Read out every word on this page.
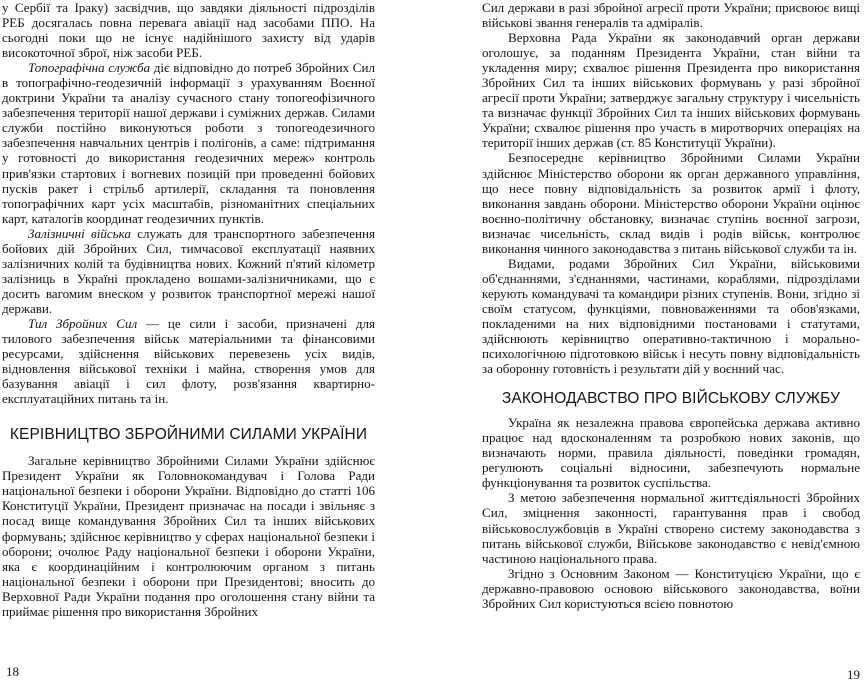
у Сербії та Іраку) засвідчив, що завдяки діяльності підрозділів РЕБ досягалась повна перевага авіації над засобами ППО. На сьогодні поки що не існує надійнішого захисту від ударів високоточної зброї, ніж засоби РЕБ.

Топографічна служба діє відповідно до потреб Збройних Сил в топографічно-геодезичній інформації з урахуванням Воєнної доктрини України та аналізу сучасного стану топогеофізичного забезпечення території нашої держави і суміжних держав. Силами служби постійно виконуються роботи з топогеодезичного забезпечення навчальних центрів і полігонів, а саме: підтримання у готовності до використання геодезичних мереж» контроль прив'язки стартових і вогневих позицій при проведенні бойових пусків ракет і стрільб артилерії, складання та поновлення топографічних карт усіх масштабів, різноманітних спеціальних карт, каталогів координат геодезичних пунктів.

Залізничні війська служать для транспортного забезпечення бойових дій Збройних Сил, тимчасової експлуатації наявних залізничних колій та будівництва нових. Кожний п'ятий кілометр залізниць в Україні прокладено вошами-залізничниками, що є досить вагомим внеском у розвиток транспортної мережі нашої держави.

Тил Збройних Сил — це сили і засоби, призначені для тилового забезпечення військ матеріальними та фінансовими ресурсами, здійснення військових перевезень усіх видів, відновлення військової техніки і майна, створення умов для базування авіації і сил флоту, розв'язання квартирно-експлуатаційних питань та ін.

КЕРІВНИЦТВО ЗБРОЙНИМИ СИЛАМИ УКРАЇНИ

Загальне керівництво Збройними Силами України здійснює Президент України як Головнокомандувач і Голова Ради національної безпеки і оборони України. Відповідно до статті 106 Конституції України, Президент призначає на посади і звільняє з посад вище командування Збройних Сил та інших військових формувань; здійснює керівництво у сферах національної безпеки і оборони; очолює Раду національної безпеки і оборони України, яка є координаційним і контролюючим органом з питань національної безпеки і оборони при Президентові; вносить до Верховної Ради України подання про оголошення стану війни та приймає рішення про використання Збройних

18

Сил держави в разі збройної агресії проти України; присвоює вищі військові звання генералів та адміралів.

Верховна Рада України як законодавчий орган держави оголошує, за поданням Президента України, стан війни та укладення миру; схвалює рішення Президента про використання Збройних Сил та інших військових формувань у разі збройної агресії проти України; затверджує загальну структуру і чисельність та визначає функції Збройних Сил та інших військових формувань України; схвалює рішення про участь в миротворчих операціях на території інших держав (ст. 85 Конституції України).

Безпосереднє керівництво Збройними Силами України здійснює Міністерство оборони як орган державного управління, що несе повну відповідальність за розвиток армії і флоту, виконання завдань оборони. Міністерство оборони України оцінює воєнно-політичну обстановку, визначає ступінь воєнної загрози, визначає чисельність, склад видів і родів військ, контролює виконання чинного законодавства з питань військової служби та ін.

Видами, родами Збройних Сил України, військовими об'єднаннями, з'єднаннями, частинами, кораблями, підрозділами керують командувачі та командири різних ступенів. Вони, згідно зі своїм статусом, функціями, повноваженнями та обов'язками, покладеними на них відповідними постановами і статутами, здійснюють керівництво оперативно-тактичною і морально-психологічною підготовкою військ і несуть повну відповідальність за оборонну готовність і результати дій у воєнний час.

ЗАКОНОДАВСТВО ПРО ВІЙСЬКОВУ СЛУЖБУ

Україна як незалежна правова європейська держава активно працює над вдосконаленням та розробкою нових законів, що визначають норми, правила діяльності, поведінки громадян, регулюють соціальні відносини, забезпечують нормальне функціонування та розвиток суспільства.

З метою забезпечення нормальної життєдіяльності Збройних Сил, зміцнення законності, гарантування прав і свобод військовослужбовців в Україні створено систему законодавства з питань військової служби, Військове законодавство є невід'ємною частиною національного права.

Згідно з Основним Законом — Конституцією України, що є державно-правовою основою військового законодавства, воїни Збройних Сил користуються всією повнотою

19
